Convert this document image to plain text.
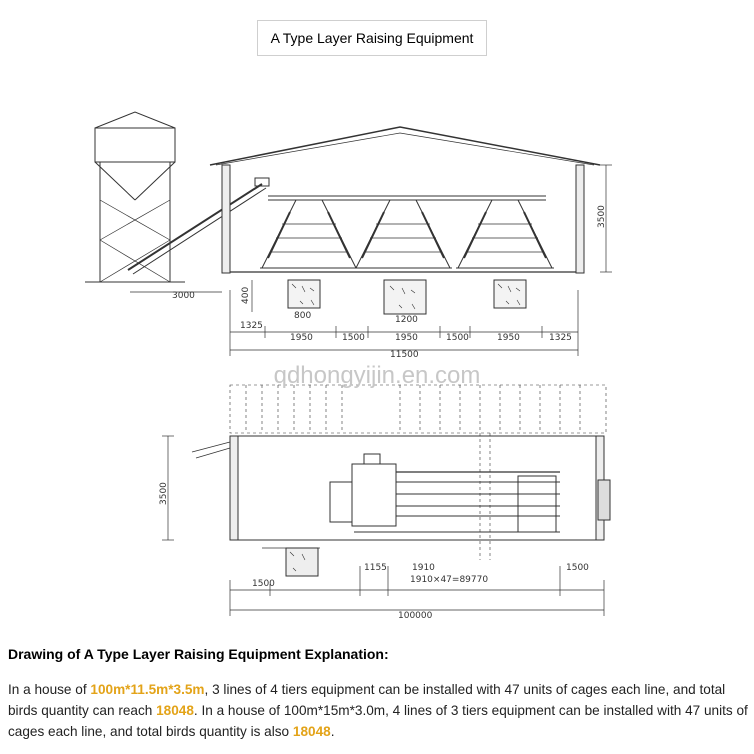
A Type Layer Raising Equipment
1325
1950	1500	1950	1500	1950	1325
11500
1200
800
3000
100000
1500
1155	1910
1910×47=89770
1500
400
3500
3500
qdhongyijin.en.com
Drawing of A Type Layer Raising Equipment Explanation:
In a house of 100m*11.5m*3.5m, 3 lines of 4 tiers equipment can be installed with 47 units of cages each line, and total birds quantity can reach 18048. In a house of 100m*15m*3.0m, 4 lines of 3 tiers equipment can be installed with 47 units of cages each line, and total birds quantity is also 18048.
